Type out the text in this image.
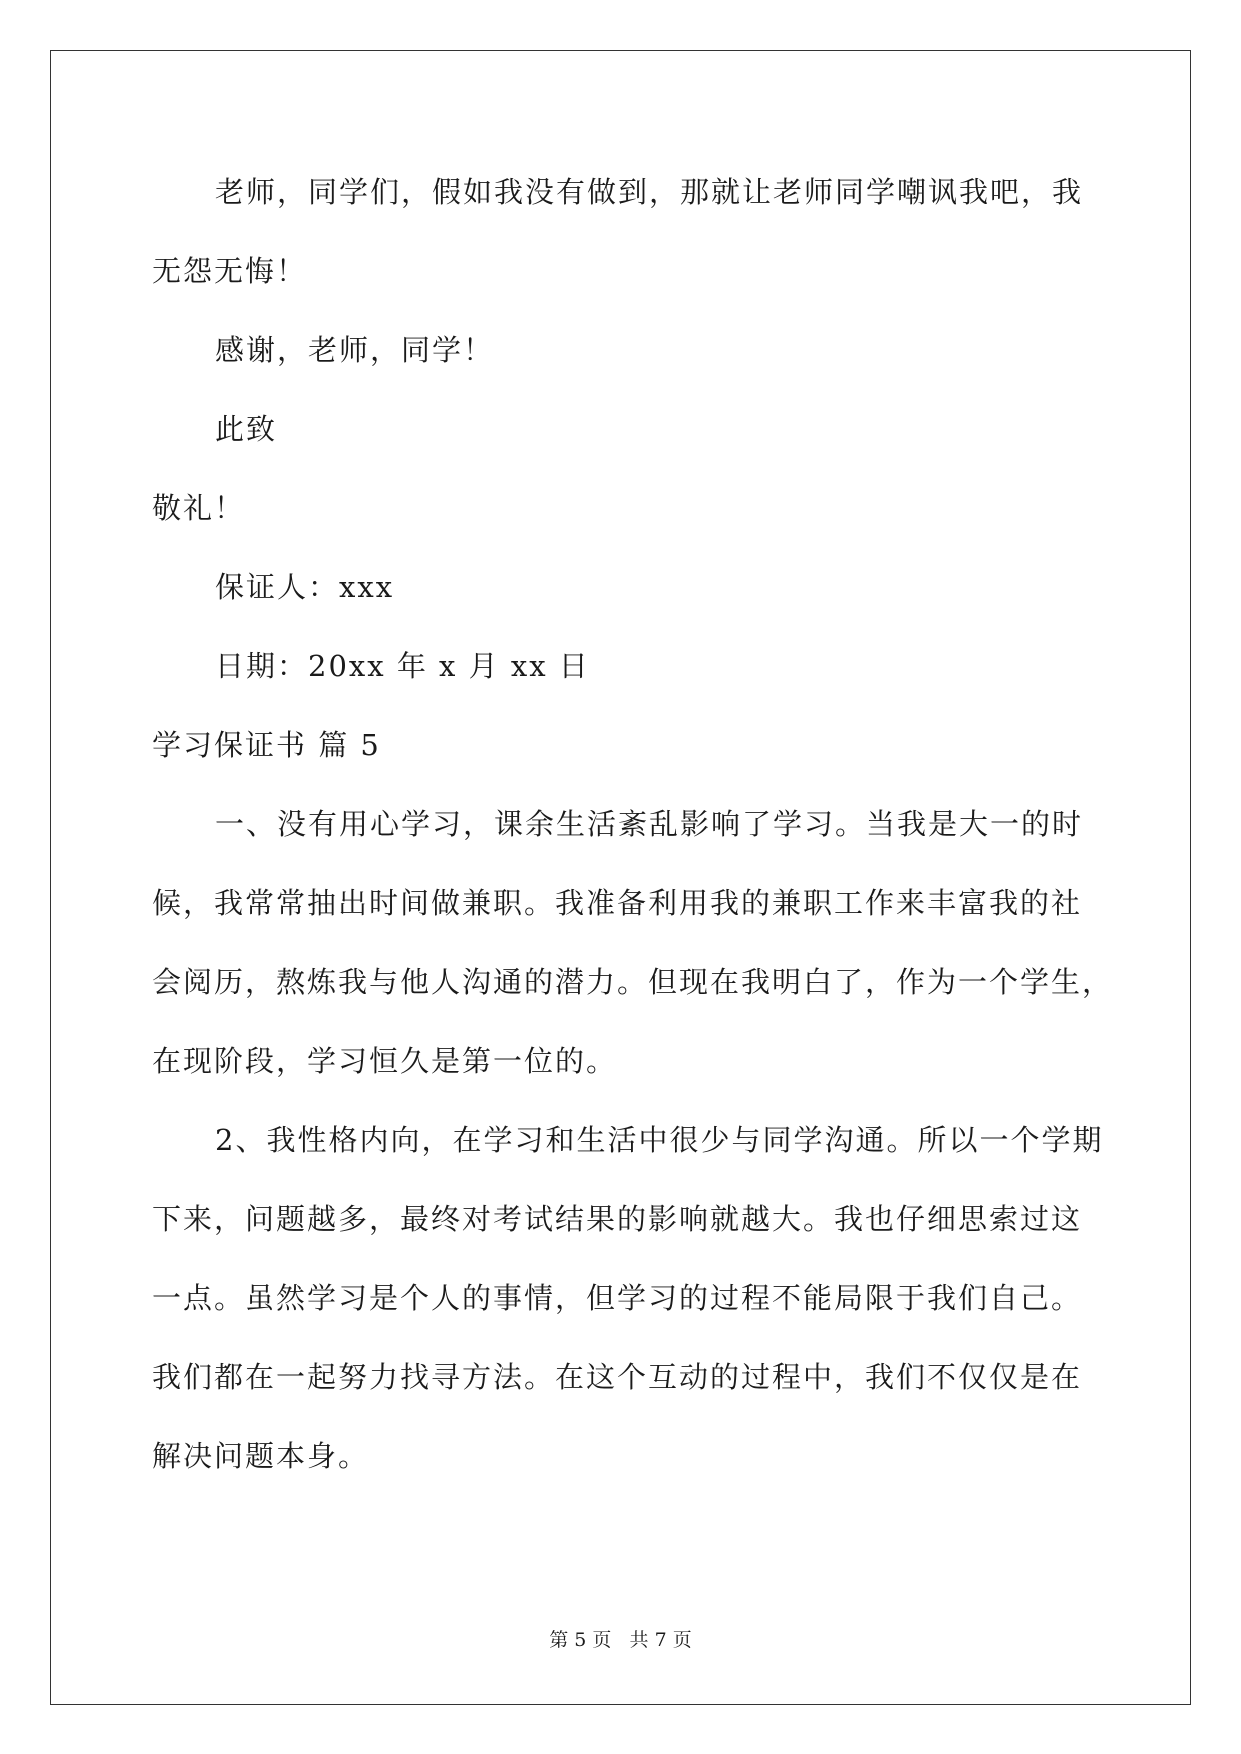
老师，同学们，假如我没有做到，那就让老师同学嘲讽我吧，我
无怨无悔！
感谢，老师，同学！
此致
敬礼！
保证人：xxx
日期：20xx 年 x 月 xx 日
学习保证书 篇 5
一、没有用心学习，课余生活紊乱影响了学习。当我是大一的时
候，我常常抽出时间做兼职。我准备利用我的兼职工作来丰富我的社
会阅历，熬炼我与他人沟通的潜力。但现在我明白了，作为一个学生，
在现阶段，学习恒久是第一位的。
2、我性格内向，在学习和生活中很少与同学沟通。所以一个学期
下来，问题越多，最终对考试结果的影响就越大。我也仔细思索过这
一点。虽然学习是个人的事情，但学习的过程不能局限于我们自己。
我们都在一起努力找寻方法。在这个互动的过程中，我们不仅仅是在
解决问题本身。
第 5 页   共 7 页
